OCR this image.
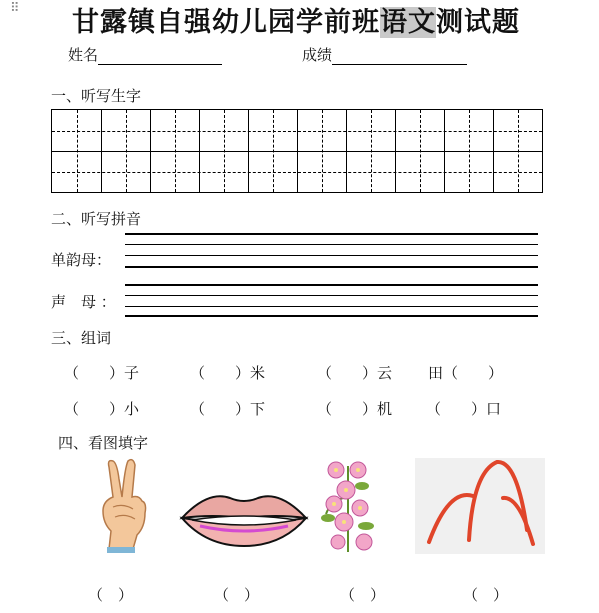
⠿ 甘露镇自强幼儿园学前班语文测试题
姓名	成绩
一、听写生字
二、听写拼音
单韵母：
声　母 ：
三、组词
（　　）子	（　　）米	（　　）云 田（　　）
（　　）小	（　　）下	（　　）机 （　　）口
四、看图填字
（　）	（　）	（　）	（　）
